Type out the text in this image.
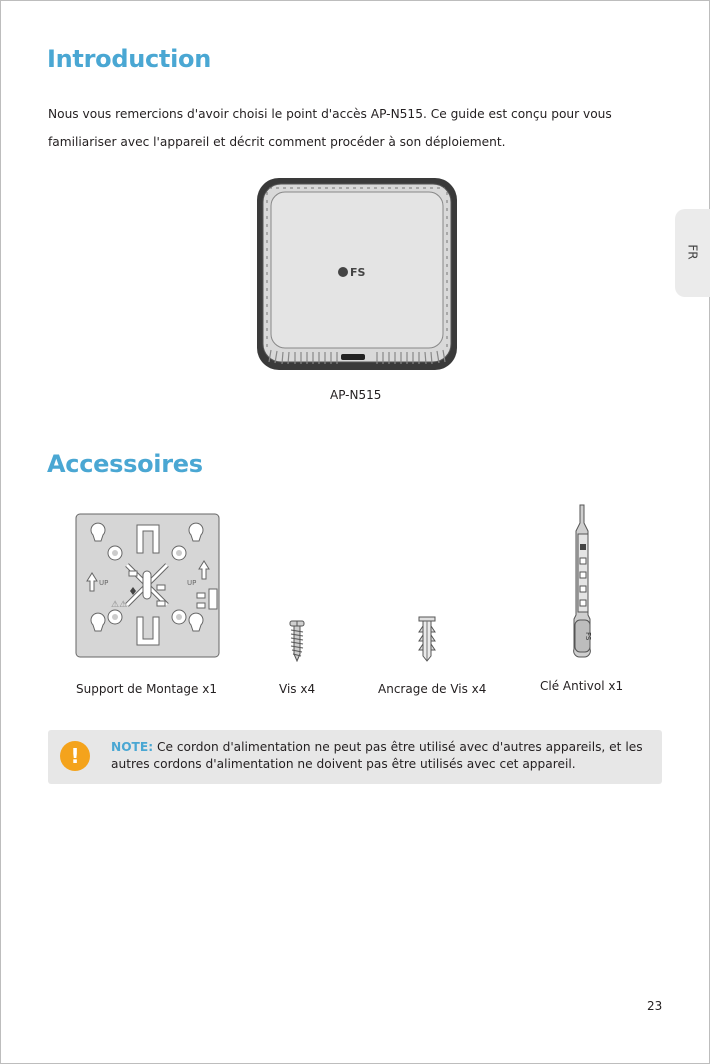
Introduction
Nous vous remercions d'avoir choisi le point d'accès AP-N515. Ce guide est conçu pour vous
familiariser avec l'appareil et décrit comment procéder à son déploiement.
FR
FS
AP-N515
Accessoires
UP	UP
⚠⚠
Support de Montage x1	Vis x4	Ancrage de Vis x4
FS
Clé Antivol x1
!	NOTE: Ce cordon d'alimentation ne peut pas être utilisé avec d'autres appareils, et les
autres cordons d'alimentation ne doivent pas être utilisés avec cet appareil.
23
